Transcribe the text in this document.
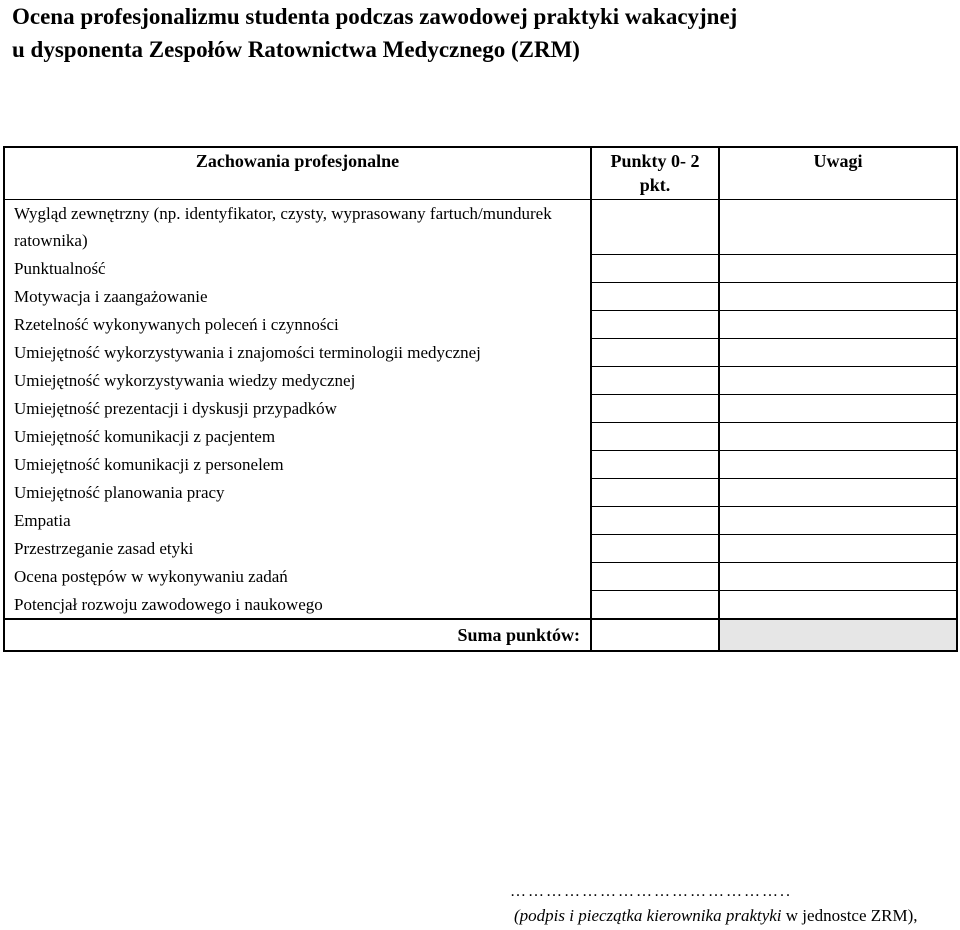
Ocena profesjonalizmu studenta podczas zawodowej praktyki wakacyjnej
u dysponenta Zespołów Ratownictwa Medycznego (ZRM)
Zachowania profesjonalne	Punkty 0- 2 pkt.	Uwagi
Wygląd zewnętrzny (np. identyfikator, czysty, wyprasowany fartuch/mundurek ratownika)		
Punktualność		
Motywacja i zaangażowanie		
Rzetelność wykonywanych poleceń i czynności		
Umiejętność wykorzystywania i znajomości terminologii medycznej		
Umiejętność wykorzystywania wiedzy medycznej		
Umiejętność prezentacji i dyskusji przypadków		
Umiejętność komunikacji z pacjentem		
Umiejętność komunikacji z personelem		
Umiejętność planowania pracy		
Empatia		
Przestrzeganie zasad etyki		
Ocena postępów w wykonywaniu zadań		
Potencjał rozwoju zawodowego i naukowego		
Suma punktów:		
………………………………………..
(podpis i pieczątka kierownika praktyki w jednostce ZRM),
